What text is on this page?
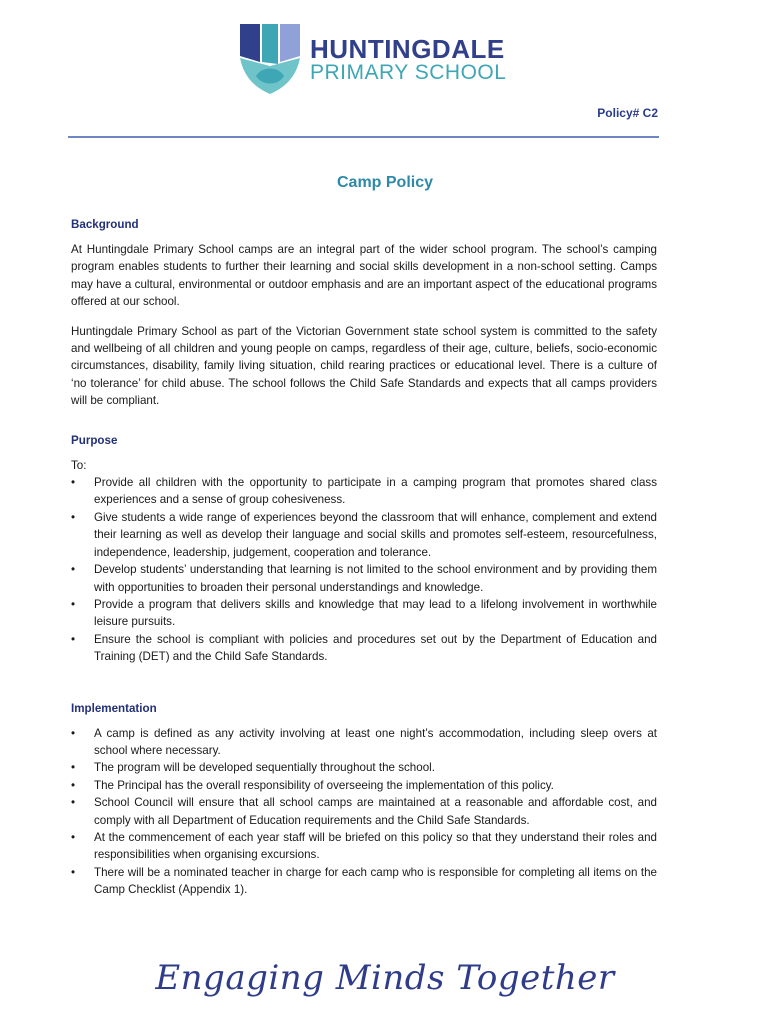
HUNTINGDALE
PRIMARY SCHOOL
Policy# C2
Camp Policy
Background

At Huntingdale Primary School camps are an integral part of the wider school program. The school’s camping program enables students to further their learning and social skills development in a non-school setting. Camps may have a cultural, environmental or outdoor emphasis and are an important aspect of the educational programs offered at our school.

Huntingdale Primary School as part of the Victorian Government state school system is committed to the safety and wellbeing of all children and young people on camps, regardless of their age, culture, beliefs, socio-economic circumstances, disability, family living situation, child rearing practices or educational level. There is a culture of ‘no tolerance’ for child abuse. The school follows the Child Safe Standards and expects that all camps providers will be compliant.

Purpose

To:

• Provide all children with the opportunity to participate in a camping program that promotes shared class experiences and a sense of group cohesiveness.
• Give students a wide range of experiences beyond the classroom that will enhance, complement and extend their learning as well as develop their language and social skills and promotes self-esteem, resourcefulness, independence, leadership, judgement, cooperation and tolerance.
• Develop students’ understanding that learning is not limited to the school environment and by providing them with opportunities to broaden their personal understandings and knowledge.
• Provide a program that delivers skills and knowledge that may lead to a lifelong involvement in worthwhile leisure pursuits.
• Ensure the school is compliant with policies and procedures set out by the Department of Education and Training (DET) and the Child Safe Standards.
Implementation
• A camp is defined as any activity involving at least one night’s accommodation, including sleep overs at school where necessary.
• The program will be developed sequentially throughout the school.
• The Principal has the overall responsibility of overseeing the implementation of this policy.
• School Council will ensure that all school camps are maintained at a reasonable and affordable cost, and comply with all Department of Education requirements and the Child Safe Standards.
• At the commencement of each year staff will be briefed on this policy so that they understand their roles and responsibilities when organising excursions.
• There will be a nominated teacher in charge for each camp who is responsible for completing all items on the Camp Checklist (Appendix 1).
Engaging Minds Together
